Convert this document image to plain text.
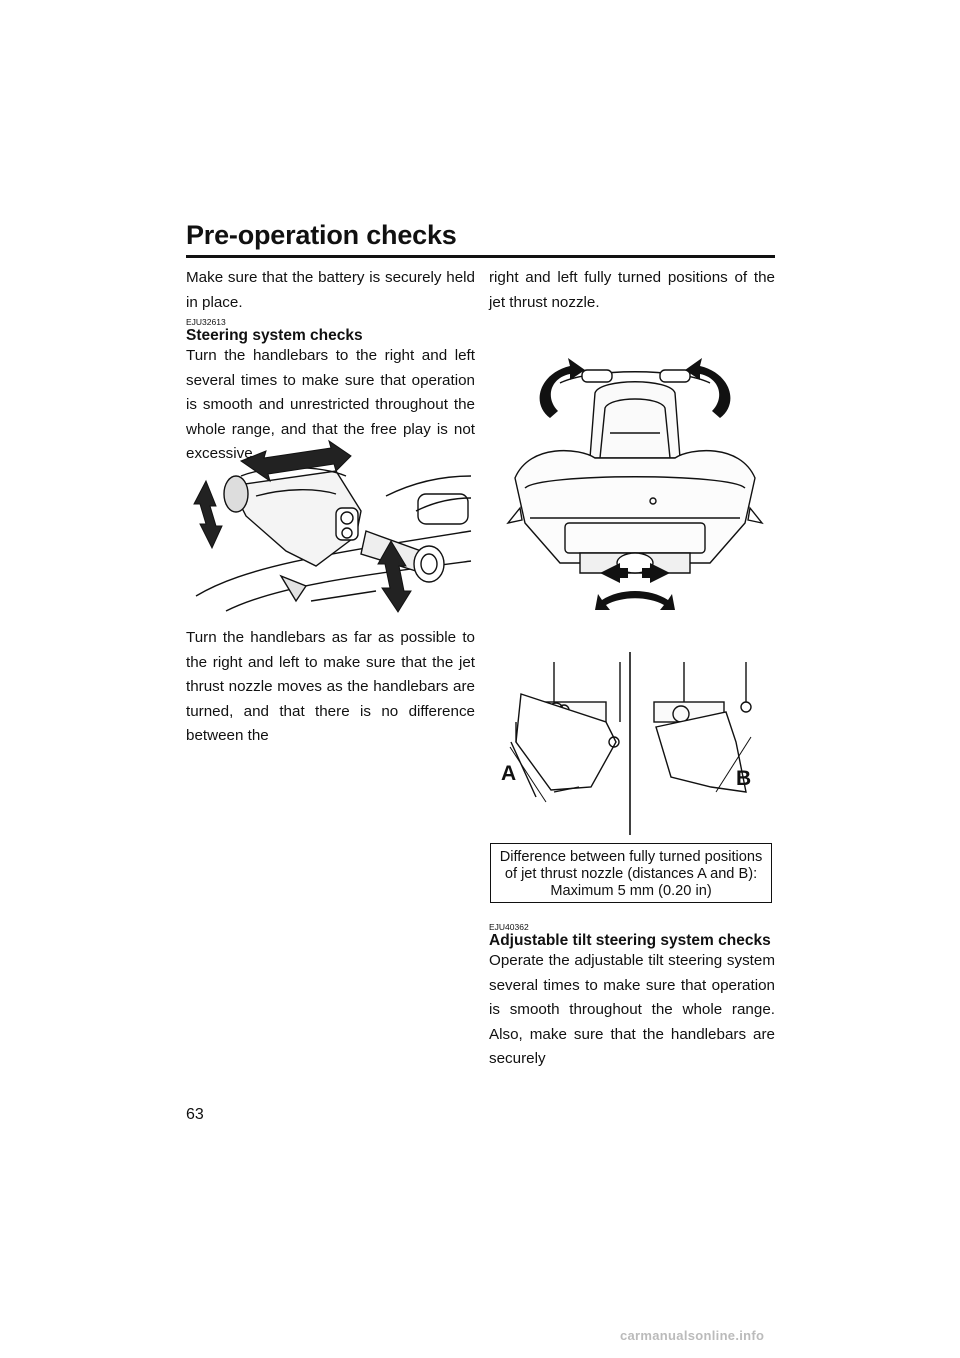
Pre-operation checks

Make sure that the battery is securely held in place.

EJU32613
Steering system checks

Turn the handlebars to the right and left several times to make sure that operation is smooth and unrestricted throughout the whole range, and that the free play is not excessive.

Turn the handlebars as far as possible to the right and left to make sure that the jet thrust nozzle moves as the handlebars are turned, and that there is no difference between the

right and left fully turned positions of the jet thrust nozzle.

A	B
Difference between fully turned positions
of jet thrust nozzle (distances A and B):
Maximum 5 mm (0.20 in)
EJU40362
Adjustable tilt steering system checks

Operate the adjustable tilt steering system several times to make sure that operation is smooth throughout the whole range. Also, make sure that the handlebars are securely

63
carmanualsonline.info
